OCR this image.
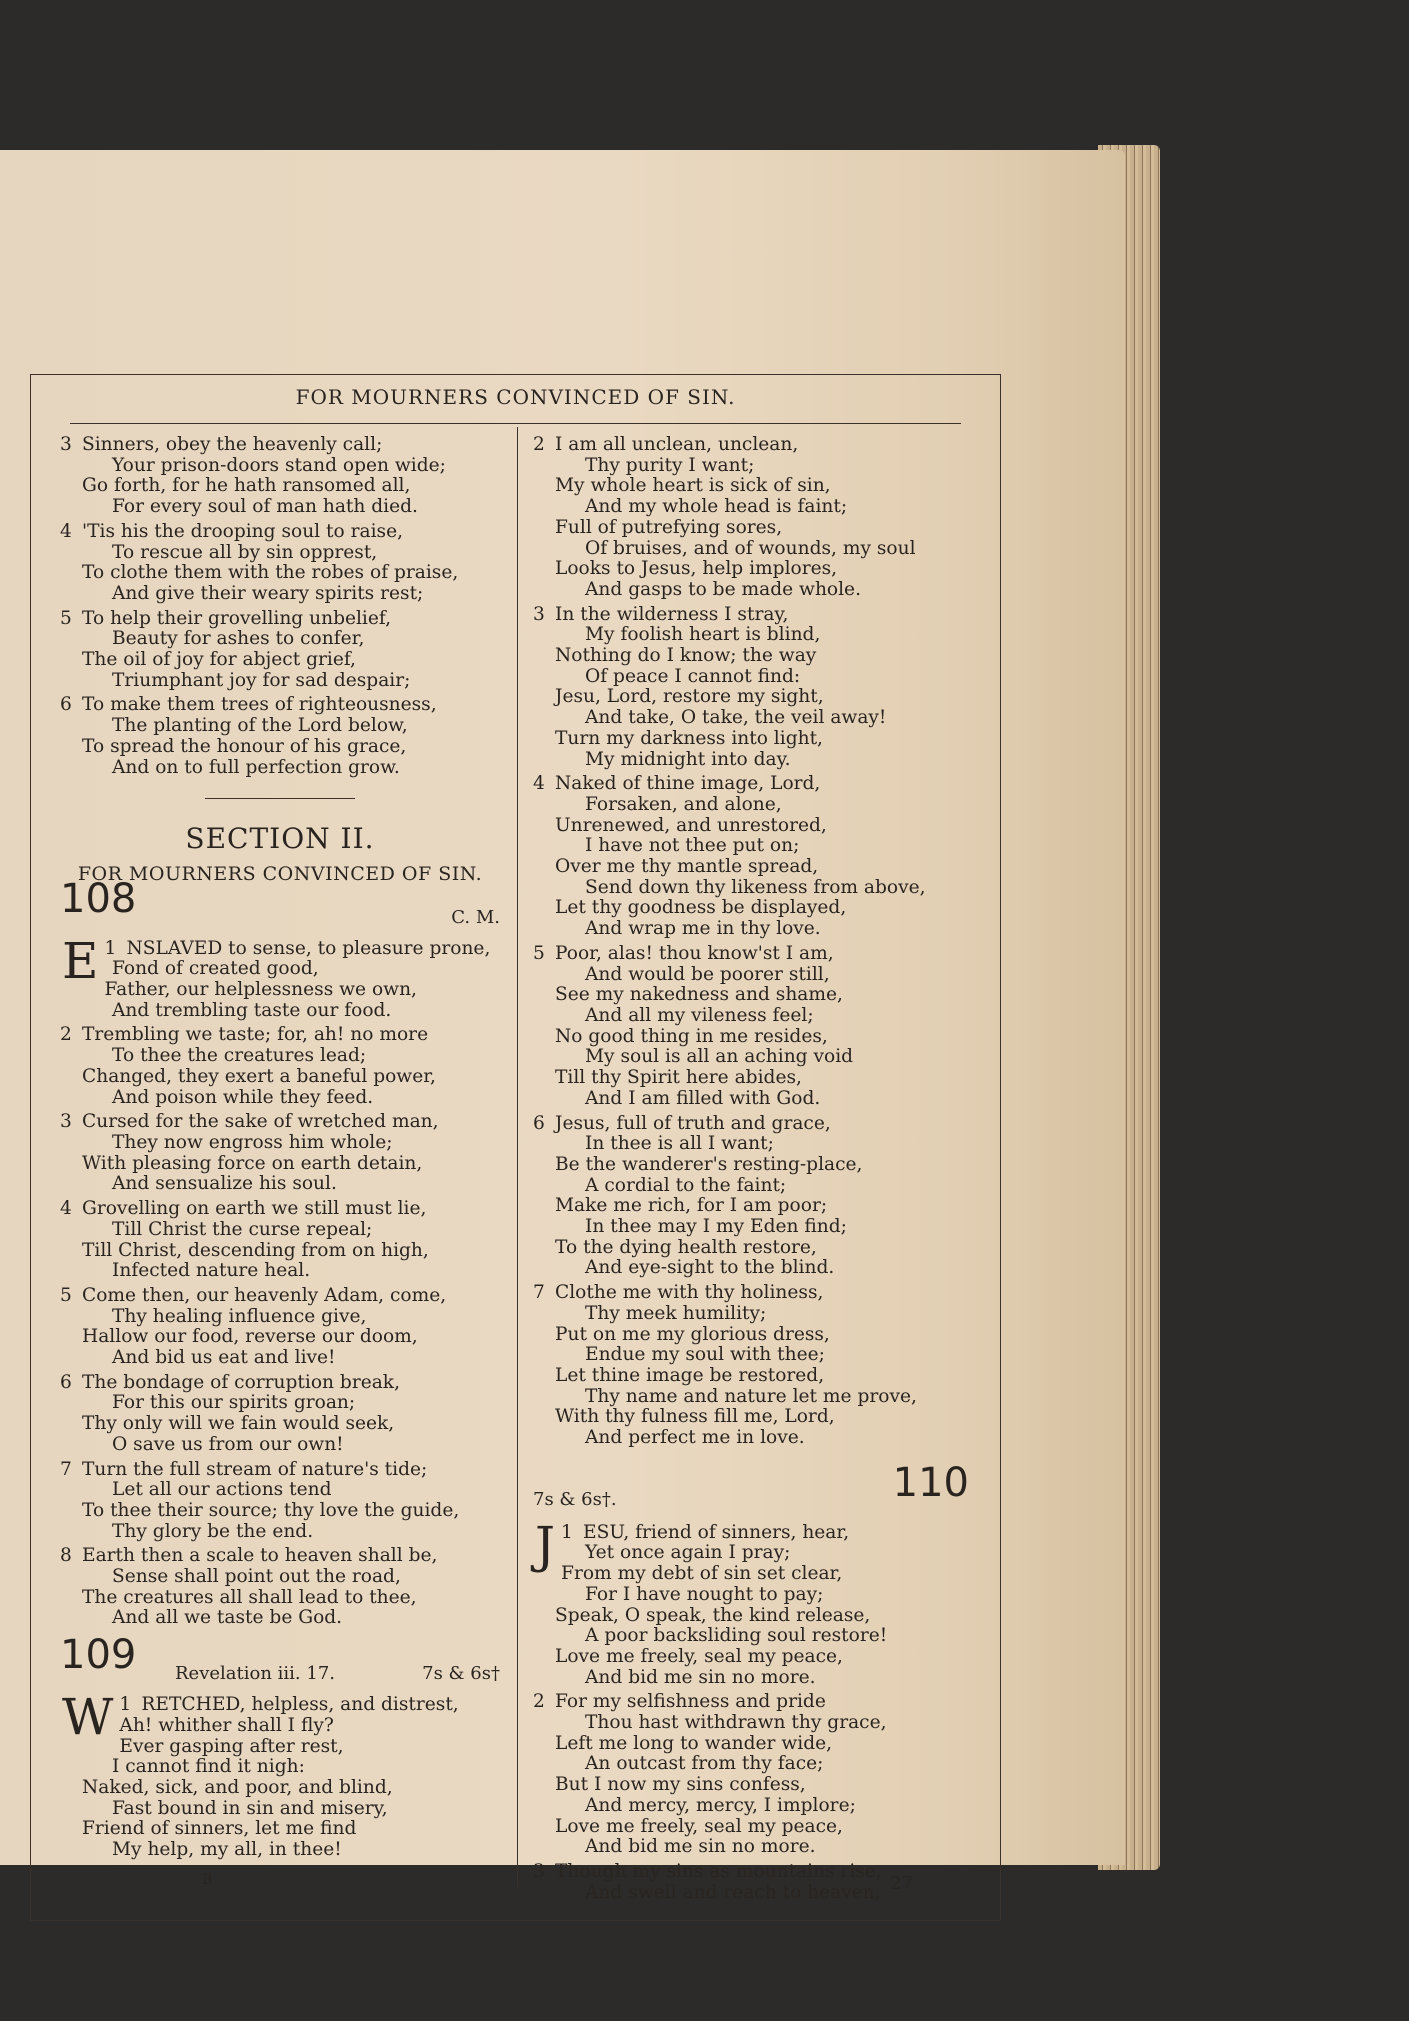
FOR MOURNERS CONVINCED OF SIN.
3 Sinners, obey the heavenly call;
Your prison-doors stand open wide;
Go forth, for he hath ransomed all,
For every soul of man hath died.
4 'Tis his the drooping soul to raise,
To rescue all by sin opprest,
To clothe them with the robes of praise,
And give their weary spirits rest;
5 To help their grovelling unbelief,
Beauty for ashes to confer,
The oil of joy for abject grief,
Triumphant joy for sad despair;
6 To make them trees of righteousness,
The planting of the Lord below,
To spread the honour of his grace,
And on to full perfection grow.
SECTION II.
FOR MOURNERS CONVINCED OF SIN.
108	C. M.
1
E NSLAVED to sense, to pleasure prone,
Fond of created good,
Father, our helplessness we own,
And trembling taste our food.
2 Trembling we taste; for, ah! no more
To thee the creatures lead;
Changed, they exert a baneful power,
And poison while they feed.
3 Cursed for the sake of wretched man,
They now engross him whole;
With pleasing force on earth detain,
And sensualize his soul.
4 Grovelling on earth we still must lie,
Till Christ the curse repeal;
Till Christ, descending from on high,
Infected nature heal.
5 Come then, our heavenly Adam, come,
Thy healing influence give,
Hallow our food, reverse our doom,
And bid us eat and live!
6 The bondage of corruption break,
For this our spirits groan;
Thy only will we fain would seek,
O save us from our own!
7 Turn the full stream of nature's tide;
Let all our actions tend
To thee their source; thy love the guide,
Thy glory be the end.
8 Earth then a scale to heaven shall be,
Sense shall point out the road,
The creatures all shall lead to thee,
And all we taste be God.
109 Revelation iii. 17.	7s & 6s†
1
W RETCHED, helpless, and distrest,
Ah! whither shall I fly?
Ever gasping after rest,
I cannot find it nigh:
Naked, sick, and poor, and blind,
Fast bound in sin and misery,
Friend of sinners, let me find
My help, my all, in thee!
2 I am all unclean, unclean,
Thy purity I want;
My whole heart is sick of sin,
And my whole head is faint;
Full of putrefying sores,
Of bruises, and of wounds, my soul
Looks to Jesus, help implores,
And gasps to be made whole.
3 In the wilderness I stray,
My foolish heart is blind,
Nothing do I know; the way
Of peace I cannot find:
Jesu, Lord, restore my sight,
And take, O take, the veil away!
Turn my darkness into light,
My midnight into day.
4 Naked of thine image, Lord,
Forsaken, and alone,
Unrenewed, and unrestored,
I have not thee put on;
Over me thy mantle spread,
Send down thy likeness from above,
Let thy goodness be displayed,
And wrap me in thy love.
5 Poor, alas! thou know'st I am,
And would be poorer still,
See my nakedness and shame,
And all my vileness feel;
No good thing in me resides,
My soul is all an aching void
Till thy Spirit here abides,
And I am filled with God.
6 Jesus, full of truth and grace,
In thee is all I want;
Be the wanderer's resting-place,
A cordial to the faint;
Make me rich, for I am poor;
In thee may I my Eden find;
To the dying health restore,
And eye-sight to the blind.
7 Clothe me with thy holiness,
Thy meek humility;
Put on me my glorious dress,
Endue my soul with thee;
Let thine image be restored,
Thy name and nature let me prove,
With thy fulness fill me, Lord,
And perfect me in love.
7s & 6s†.	110
1
J ESU, friend of sinners, hear,
Yet once again I pray;
From my debt of sin set clear,
For I have nought to pay;
Speak, O speak, the kind release,
A poor backsliding soul restore!
Love me freely, seal my peace,
And bid me sin no more.
2 For my selfishness and pride
Thou hast withdrawn thy grace,
Left me long to wander wide,
An outcast from thy face;
But I now my sins confess,
And mercy, mercy, I implore;
Love me freely, seal my peace,
And bid me sin no more.
3 Though my sins as mountains rise,
And swell and reach to heaven,
B	27
